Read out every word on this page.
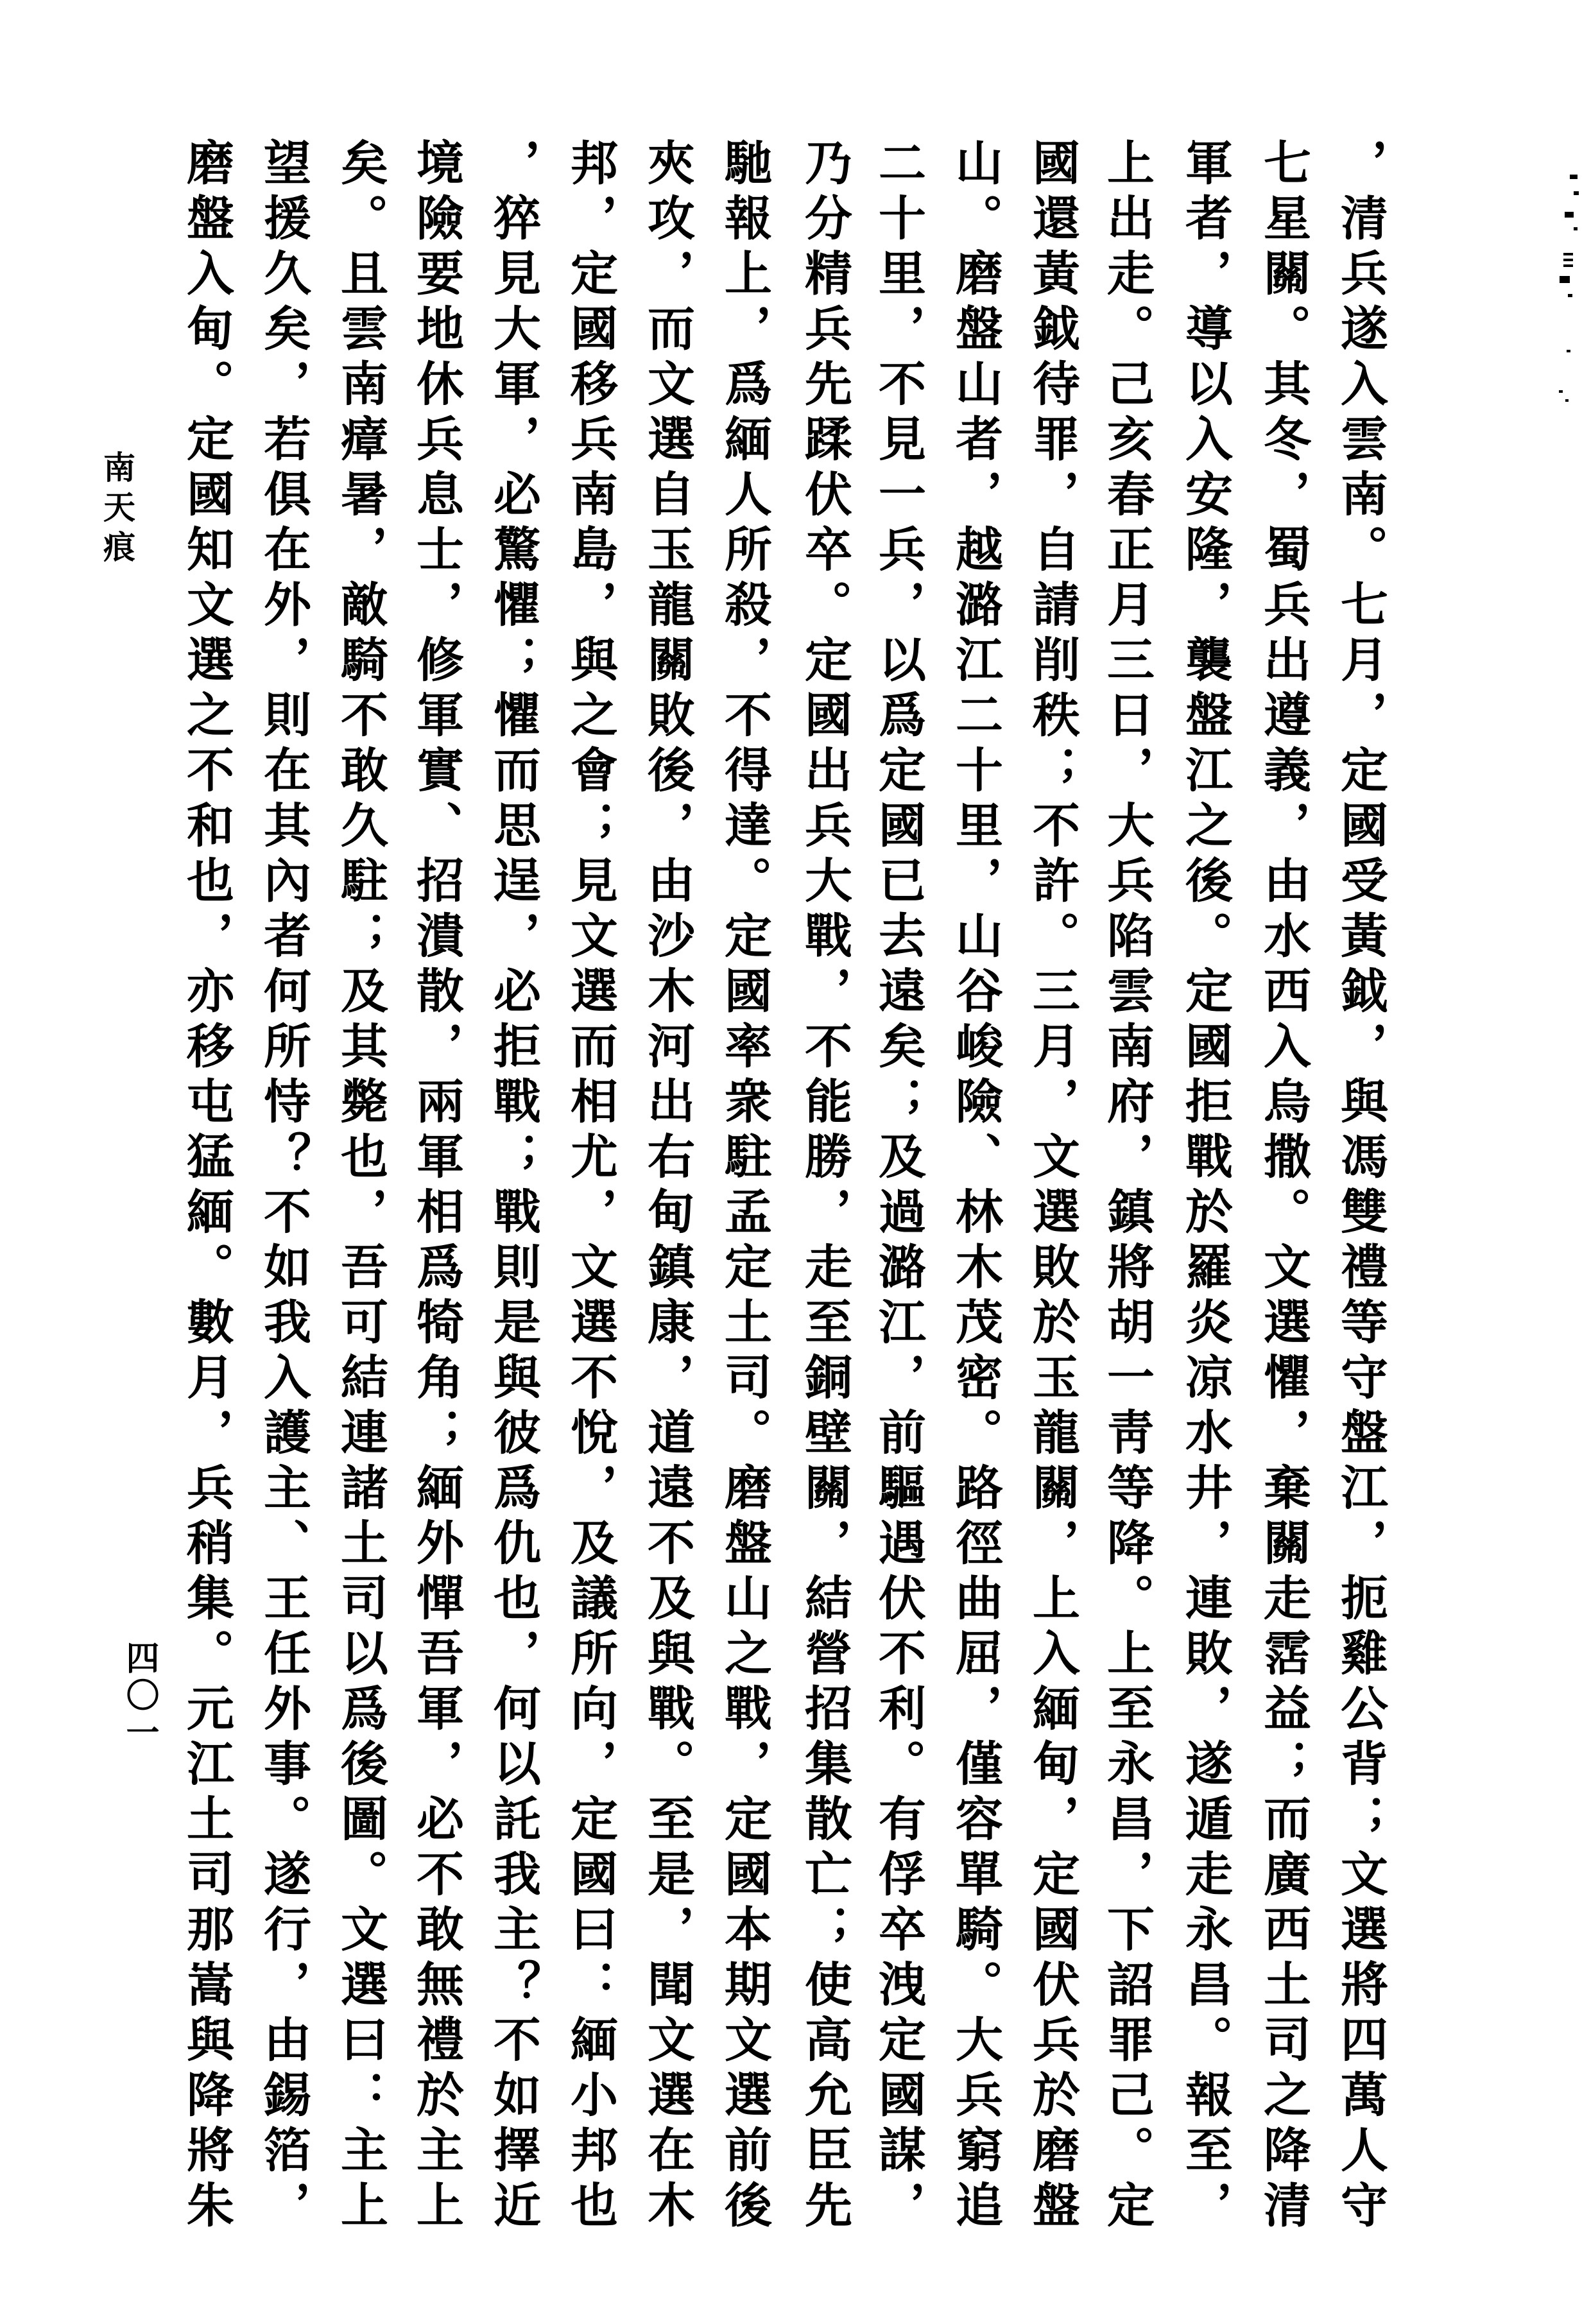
，清兵遂入雲南。七月，定國受黃鉞，與馮雙禮等守盤江，扼雞公背；文選將四萬人守
七星關。其冬，蜀兵出遵義，由水西入烏撒。文選懼，棄關走霑益；而廣西土司之降清
軍者，導以入安隆，襲盤江之後。定國拒戰於羅炎凉水井，連敗，遂遁走永昌。報至，
上出走。己亥春正月三日，大兵陷雲南府，鎮將胡一靑等降。上至永昌，下詔罪己。定
國還黃鉞待罪，自請削秩；不許。三月，文選敗於玉龍關，上入緬甸，定國伏兵於磨盤
山。磨盤山者，越潞江二十里，山谷峻險、林木茂密。路徑曲屈，僅容單騎。大兵窮追
二十里，不見一兵，以爲定國已去遠矣；及過潞江，前驅遇伏不利。有俘卒洩定國謀，
乃分精兵先蹂伏卒。定國出兵大戰，不能勝，走至銅壁關，結營招集散亡；使高允臣先
馳報上，爲緬人所殺，不得達。定國率衆駐孟定土司。磨盤山之戰，定國本期文選前後
夾攻，而文選自玉龍關敗後，由沙木河出右甸鎮康，道遠不及與戰。至是，聞文選在木
邦，定國移兵南島，與之會；見文選而相尤，文選不悅，及議所向，定國曰：緬小邦也
，猝見大軍，必驚懼；懼而思逞，必拒戰；戰則是與彼爲仇也，何以託我主？不如擇近
境險要地休兵息士，修軍實、招潰散，兩軍相爲犄角；緬外憚吾軍，必不敢無禮於主上
矣。且雲南瘴暑，敵騎不敢久駐；及其斃也，吾可結連諸土司以爲後圖。文選曰：主上
望援久矣，若俱在外，則在其內者何所恃？不如我入護主、王任外事。遂行，由錫箔，
磨盤入甸。定國知文選之不和也，亦移屯猛緬。數月，兵稍集。元江土司那嵩與降將朱
南天痕
四〇一
